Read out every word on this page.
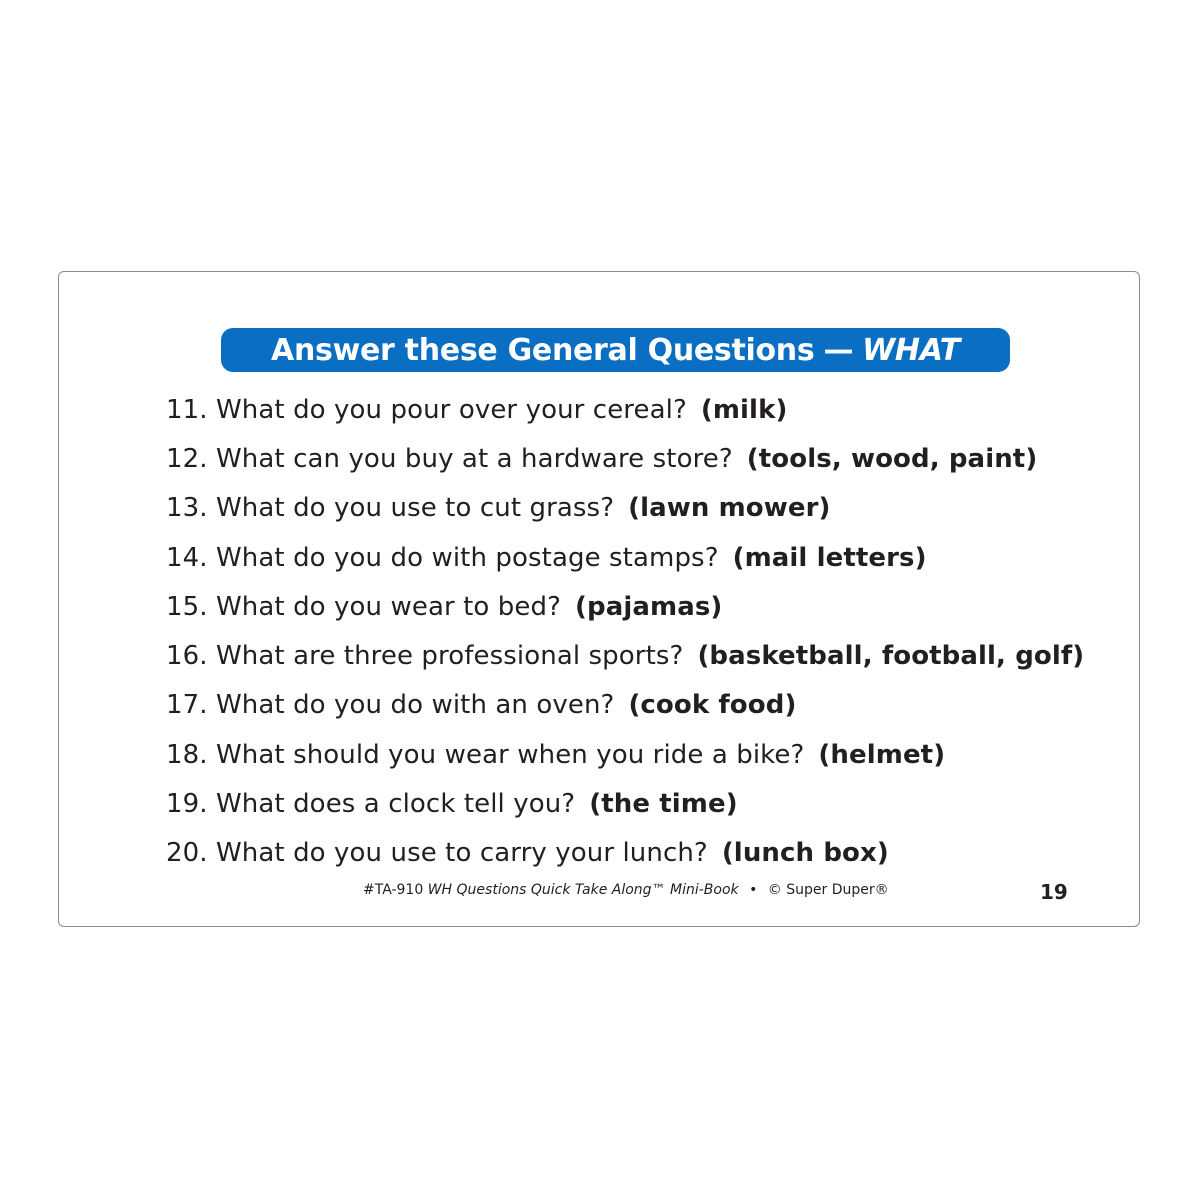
Answer these General Questions — WHAT
11. What do you pour over your cereal? (milk)
12. What can you buy at a hardware store? (tools, wood, paint)
13. What do you use to cut grass? (lawn mower)
14. What do you do with postage stamps? (mail letters)
15. What do you wear to bed? (pajamas)
16. What are three professional sports? (basketball, football, golf)
17. What do you do with an oven? (cook food)
18. What should you wear when you ride a bike? (helmet)
19. What does a clock tell you? (the time)
20. What do you use to carry your lunch? (lunch box)
#TA-910 WH Questions Quick Take Along™ Mini-Book • © Super Duper®	19
